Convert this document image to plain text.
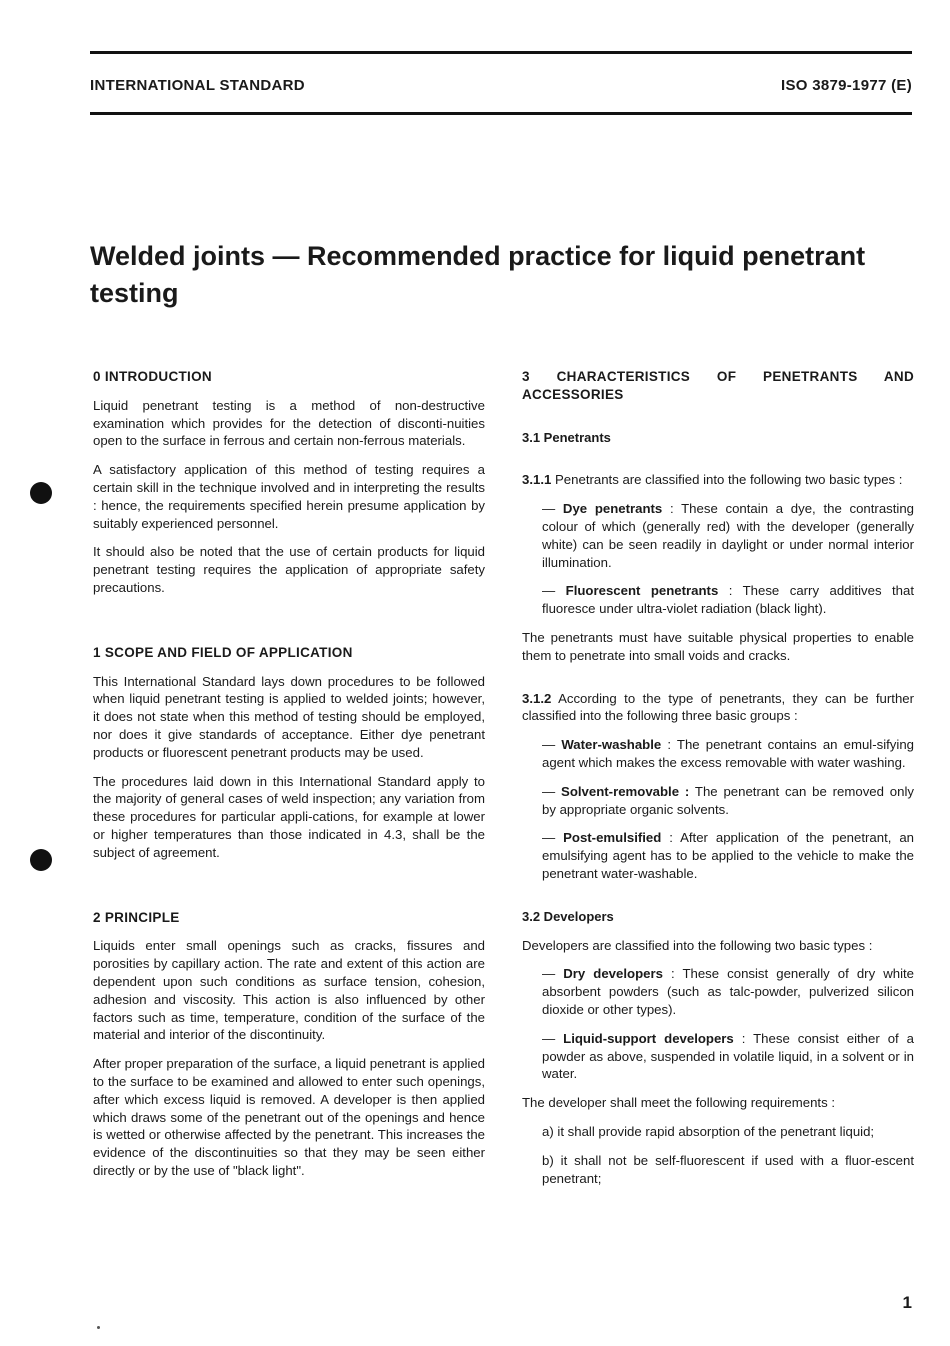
INTERNATIONAL STANDARD	ISO 3879-1977 (E)
Welded joints — Recommended practice for liquid penetrant testing
0 INTRODUCTION

Liquid penetrant testing is a method of non-destructive examination which provides for the detection of disconti-nuities open to the surface in ferrous and certain non-ferrous materials.

A satisfactory application of this method of testing requires a certain skill in the technique involved and in interpreting the results : hence, the requirements specified herein presume application by suitably experienced personnel.

It should also be noted that the use of certain products for liquid penetrant testing requires the application of appropriate safety precautions.

1 SCOPE AND FIELD OF APPLICATION

This International Standard lays down procedures to be followed when liquid penetrant testing is applied to welded joints; however, it does not state when this method of testing should be employed, nor does it give standards of acceptance. Either dye penetrant products or fluorescent penetrant products may be used.

The procedures laid down in this International Standard apply to the majority of general cases of weld inspection; any variation from these procedures for particular appli-cations, for example at lower or higher temperatures than those indicated in 4.3, shall be the subject of agreement.

2 PRINCIPLE

Liquids enter small openings such as cracks, fissures and porosities by capillary action. The rate and extent of this action are dependent upon such conditions as surface tension, cohesion, adhesion and viscosity. This action is also influenced by other factors such as time, temperature, condition of the surface of the material and interior of the discontinuity.

After proper preparation of the surface, a liquid penetrant is applied to the surface to be examined and allowed to enter such openings, after which excess liquid is removed. A developer is then applied which draws some of the penetrant out of the openings and hence is wetted or otherwise affected by the penetrant. This increases the evidence of the discontinuities so that they may be seen either directly or by the use of "black light".

3 CHARACTERISTICS OF PENETRANTS AND ACCESSORIES
3.1 Penetrants

3.1.1 Penetrants are classified into the following two basic types :

— Dye penetrants : These contain a dye, the contrasting colour of which (generally red) with the developer (generally white) can be seen readily in daylight or under normal interior illumination.

— Fluorescent penetrants : These carry additives that fluoresce under ultra-violet radiation (black light).

The penetrants must have suitable physical properties to enable them to penetrate into small voids and cracks.

3.1.2 According to the type of penetrants, they can be further classified into the following three basic groups :

— Water-washable : The penetrant contains an emul-sifying agent which makes the excess removable with water washing.

— Solvent-removable : The penetrant can be removed only by appropriate organic solvents.

— Post-emulsified : After application of the penetrant, an emulsifying agent has to be applied to the vehicle to make the penetrant water-washable.

3.2 Developers

Developers are classified into the following two basic types :

— Dry developers : These consist generally of dry white absorbent powders (such as talc-powder, pulverized silicon dioxide or other types).

— Liquid-support developers : These consist either of a powder as above, suspended in volatile liquid, in a solvent or in water.

The developer shall meet the following requirements :

a) it shall provide rapid absorption of the penetrant liquid;

b) it shall not be self-fluorescent if used with a fluor-escent penetrant;

1
